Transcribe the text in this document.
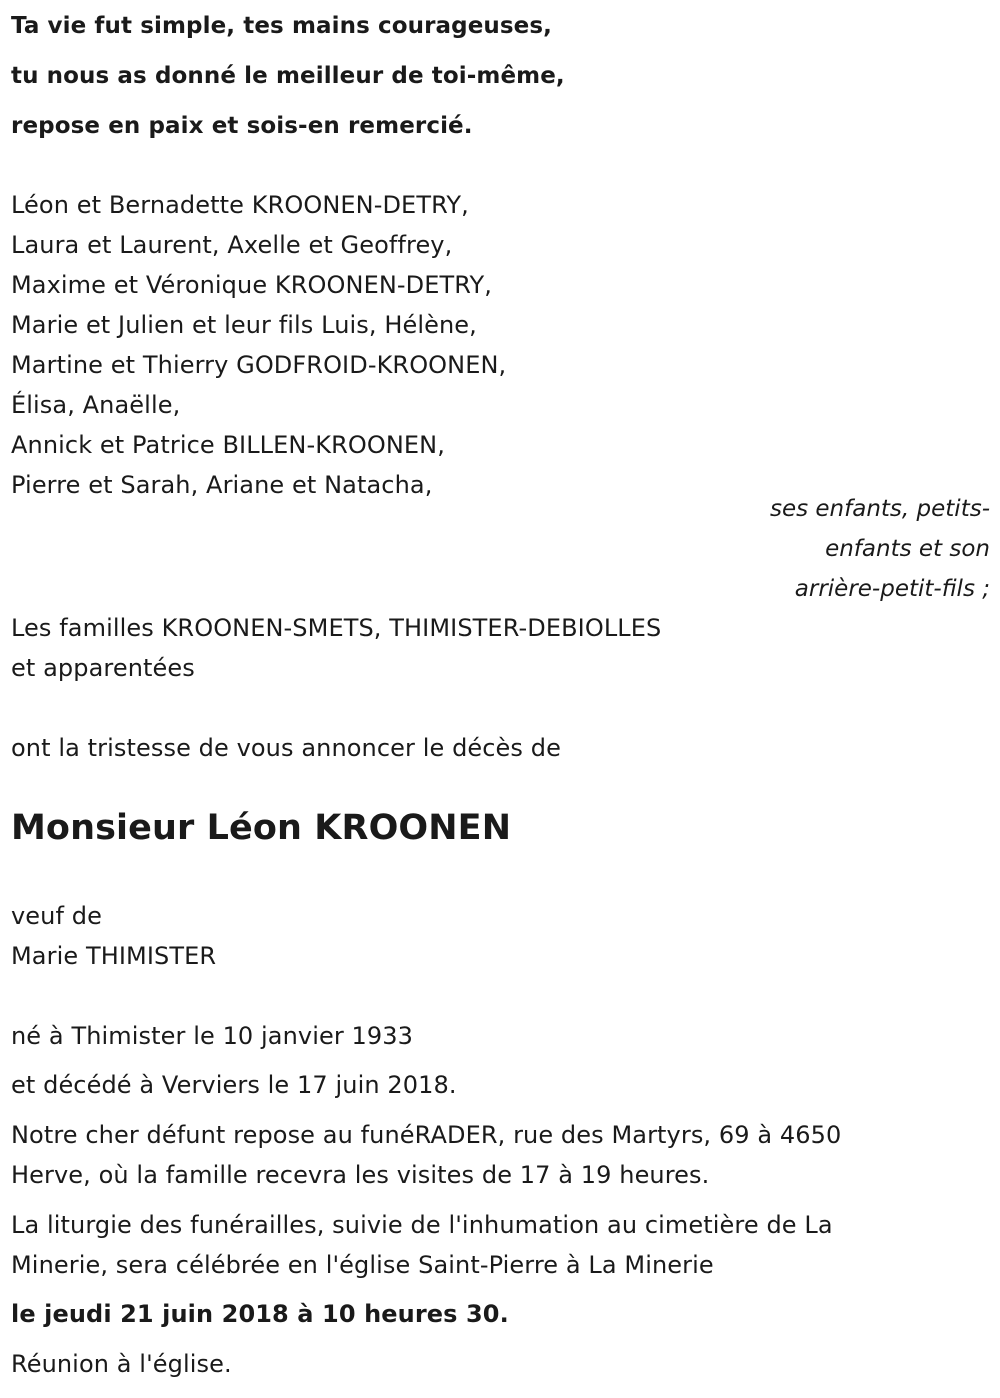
Ta vie fut simple, tes mains courageuses,
tu nous as donné le meilleur de toi-même,
repose en paix et sois-en remercié.
Léon et Bernadette KROONEN-DETRY,
Laura et Laurent, Axelle et Geoffrey,
Maxime et Véronique KROONEN-DETRY,
Marie et Julien et leur fils Luis, Hélène,
Martine et Thierry GODFROID-KROONEN,
Élisa, Anaëlle,
Annick et Patrice BILLEN-KROONEN,
Pierre et Sarah, Ariane et Natacha,
ses enfants, petits-
enfants et son
arrière-petit-fils ;
Les familles KROONEN-SMETS, THIMISTER-DEBIOLLES
et apparentées
ont la tristesse de vous annoncer le décès de
Monsieur Léon KROONEN
veuf de
Marie THIMISTER
né à Thimister le 10 janvier 1933
et décédé à Verviers le 17 juin 2018.
Notre cher défunt repose au funéRADER, rue des Martyrs, 69 à 4650
Herve, où la famille recevra les visites de 17 à 19 heures.
La liturgie des funérailles, suivie de l'inhumation au cimetière de La
Minerie, sera célébrée en l'église Saint-Pierre à La Minerie
le jeudi 21 juin 2018 à 10 heures 30.
Réunion à l'église.
